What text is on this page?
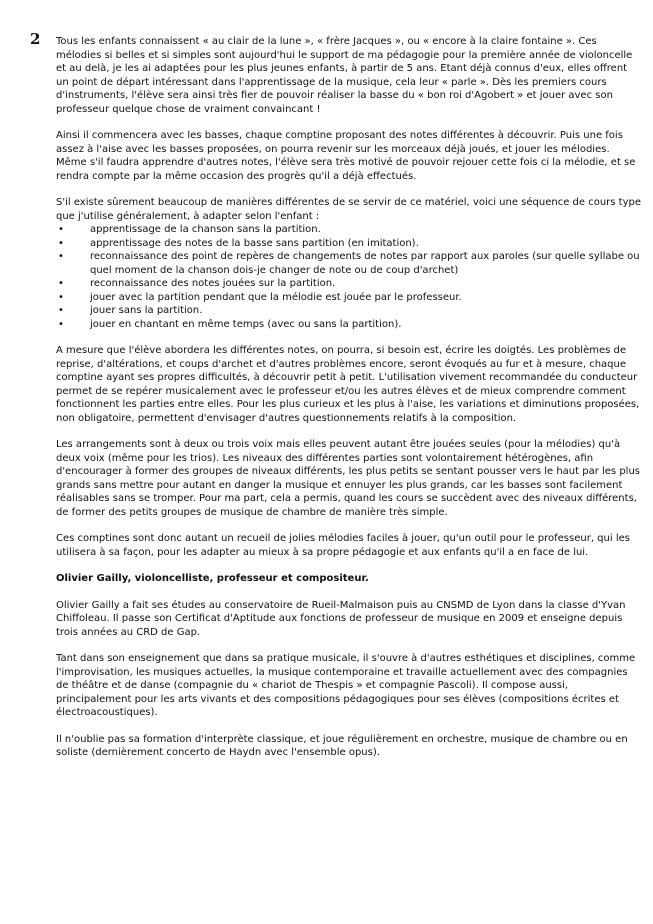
2 Tous les enfants connaissent « au clair de la lune », « frère Jacques », ou « encore à la claire fontaine ». Ces mélodies si belles et si simples sont aujourd'hui le support de ma pédagogie pour la première année de violoncelle et au delà, je les ai adaptées pour les plus jeunes enfants, à partir de 5 ans. Etant déjà connus d'eux, elles offrent un point de départ intéressant dans l'apprentissage de la musique, cela leur « parle ». Dès les premiers cours d'instruments, l'élève sera ainsi très fier de pouvoir réaliser la basse du « bon roi d'Agobert » et jouer avec son professeur quelque chose de vraiment convaincant !

Ainsi il commencera avec les basses, chaque comptine proposant des notes différentes à découvrir. Puis une fois assez à l'aise avec les basses proposées, on pourra revenir sur les morceaux déjà joués, et jouer les mélodies. Même s'il faudra apprendre d'autres notes, l'élève sera très motivé de pouvoir rejouer cette fois ci la mélodie, et se rendra compte par la même occasion des progrès qu'il a déjà effectués.

S'il existe sûrement beaucoup de manières différentes de se servir de ce matériel, voici une séquence de cours type que j'utilise généralement, à adapter selon l'enfant :

• apprentissage de la chanson sans la partition.
• apprentissage des notes de la basse sans partition (en imitation).
• reconnaissance des point de repères de changements de notes par rapport aux paroles (sur quelle syllabe ou quel moment de la chanson dois-je changer de note ou de coup d'archet)
• reconnaissance des notes jouées sur la partition.
• jouer avec la partition pendant que la mélodie est jouée par le professeur.
• jouer sans la partition.
• jouer en chantant en même temps (avec ou sans la partition).

A mesure que l'élève abordera les différentes notes, on pourra, si besoin est, écrire les doigtés. Les problèmes de reprise, d'altérations, et coups d'archet et d'autres problèmes encore, seront évoqués au fur et à mesure, chaque comptine ayant ses propres difficultés, à découvrir petit à petit. L'utilisation vivement recommandée du conducteur permet de se repérer musicalement avec le professeur et/ou les autres élèves et de mieux comprendre comment fonctionnent les parties entre elles. Pour les plus curieux et les plus à l'aise, les variations et diminutions proposées, non obligatoire, permettent d'envisager d'autres questionnements relatifs à la composition.

Les arrangements sont à deux ou trois voix mais elles peuvent autant être jouées seules (pour la mélodies) qu'à deux voix (même pour les trios). Les niveaux des différentes parties sont volontairement hétérogènes, afin d'encourager à former des groupes de niveaux différents, les plus petits se sentant pousser vers le haut par les plus grands sans mettre pour autant en danger la musique et ennuyer les plus grands, car les basses sont facilement réalisables sans se tromper. Pour ma part, cela a permis, quand les cours se succèdent avec des niveaux différents, de former des petits groupes de musique de chambre de manière très simple.

Ces comptines sont donc autant un recueil de jolies mélodies faciles à jouer, qu'un outil pour le professeur, qui les utilisera à sa façon, pour les adapter au mieux à sa propre pédagogie et aux enfants qu'il a en face de lui.

Olivier Gailly, violoncelliste, professeur et compositeur.

Olivier Gailly a fait ses études au conservatoire de Rueil-Malmaison puis au CNSMD de Lyon dans la classe d'Yvan Chiffoleau. Il passe son Certificat d'Aptitude aux fonctions de professeur de musique en 2009 et enseigne depuis trois années au CRD de Gap.

Tant dans son enseignement que dans sa pratique musicale, il s'ouvre à d'autres esthétiques et disciplines, comme l'improvisation, les musiques actuelles, la musique contemporaine et travaille actuellement avec des compagnies de théâtre et de danse (compagnie du « chariot de Thespis » et compagnie Pascoli). Il compose aussi, principalement pour les arts vivants et des compositions pédagogiques pour ses élèves (compositions écrites et électroacoustiques).

Il n'oublie pas sa formation d'interprète classique, et joue régulièrement en orchestre, musique de chambre ou en soliste (dernièrement concerto de Haydn avec l'ensemble opus).
